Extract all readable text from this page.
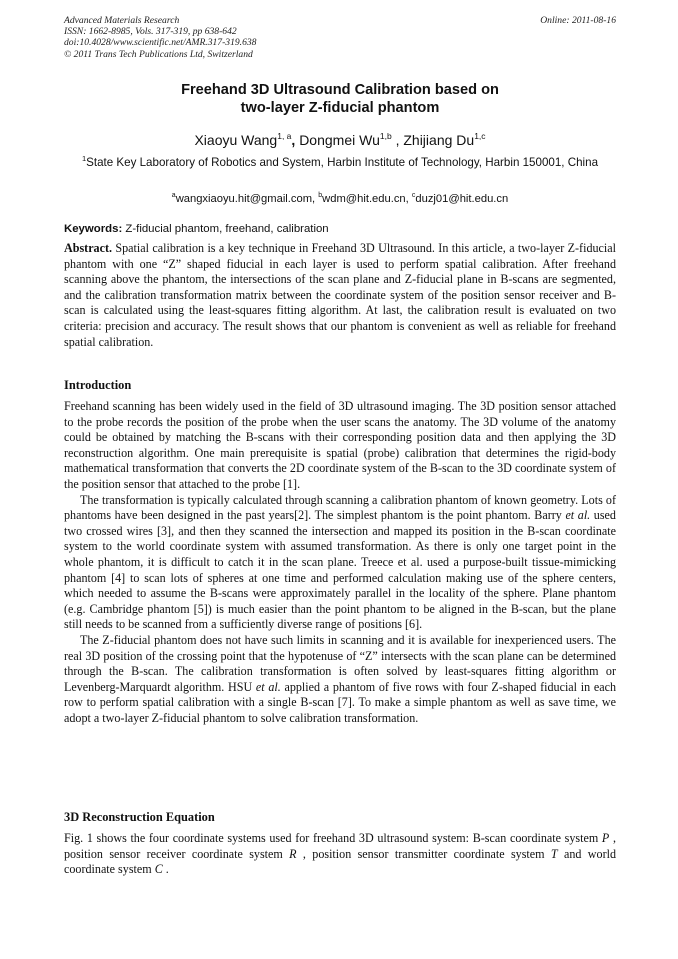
Advanced Materials Research
ISSN: 1662-8985, Vols. 317-319, pp 638-642
doi:10.4028/www.scientific.net/AMR.317-319.638
© 2011 Trans Tech Publications Ltd, Switzerland
Online: 2011-08-16
Freehand 3D Ultrasound Calibration based on
two-layer Z-fiducial phantom
Xiaoyu Wang$^{1, a}$, Dongmei Wu$^{1,b}$ , Zhijiang Du$^{1,c}$
$^1$State Key Laboratory of Robotics and System, Harbin Institute of Technology, Harbin 150001, China
$^a$wangxiaoyu.hit@gmail.com, $^b$wdm@hit.edu.cn, $^c$duzj01@hit.edu.cn
Keywords: Z-fiducial phantom, freehand, calibration
Abstract. Spatial calibration is a key technique in Freehand 3D Ultrasound. In this article, a two-layer Z-fiducial phantom with one “Z” shaped fiducial in each layer is used to perform spatial calibration. After freehand scanning above the phantom, the intersections of the scan plane and Z-fiducial plane in B-scans are segmented, and the calibration transformation matrix between the coordinate system of the position sensor receiver and B-scan is calculated using the least-squares fitting algorithm. At last, the calibration result is evaluated on two criteria: precision and accuracy. The result shows that our phantom is convenient as well as reliable for freehand spatial calibration.
Introduction

Freehand scanning has been widely used in the field of 3D ultrasound imaging. The 3D position sensor attached to the probe records the position of the probe when the user scans the anatomy. The 3D volume of the anatomy could be obtained by matching the B-scans with their corresponding position data and then applying the 3D reconstruction algorithm. One main prerequisite is spatial (probe) calibration that determines the rigid-body mathematical transformation that converts the 2D coordinate system of the B-scan to the 3D coordinate system of the position sensor that attached to the probe [1].

The transformation is typically calculated through scanning a calibration phantom of known geometry. Lots of phantoms have been designed in the past years[2]. The simplest phantom is the point phantom. Barry et al. used two crossed wires [3], and then they scanned the intersection and mapped its position in the B-scan coordinate system to the world coordinate system with assumed transformation. As there is only one target point in the whole phantom, it is difficult to catch it in the scan plane. Treece et al. used a purpose-built tissue-mimicking phantom [4] to scan lots of spheres at one time and performed calculation making use of the sphere centers, which needed to assume the B-scans were approximately parallel in the locality of the sphere. Plane phantom (e.g. Cambridge phantom [5]) is much easier than the point phantom to be aligned in the B-scan, but the plane still needs to be scanned from a sufficiently diverse range of positions [6].

The Z-fiducial phantom does not have such limits in scanning and it is available for inexperienced users. The real 3D position of the crossing point that the hypotenuse of “Z” intersects with the scan plane can be determined through the B-scan. The calibration transformation is often solved by least-squares fitting algorithm or Levenberg-Marquardt algorithm. HSU et al. applied a phantom of five rows with four Z-shaped fiducial in each row to perform spatial calibration with a single B-scan [7]. To make a simple phantom as well as save time, we adopt a two-layer Z-fiducial phantom to solve calibration transformation.

3D Reconstruction Equation

Fig. 1 shows the four coordinate systems used for freehand 3D ultrasound system: B-scan coordinate system P , position sensor receiver coordinate system R , position sensor transmitter coordinate system T and world coordinate system C .
